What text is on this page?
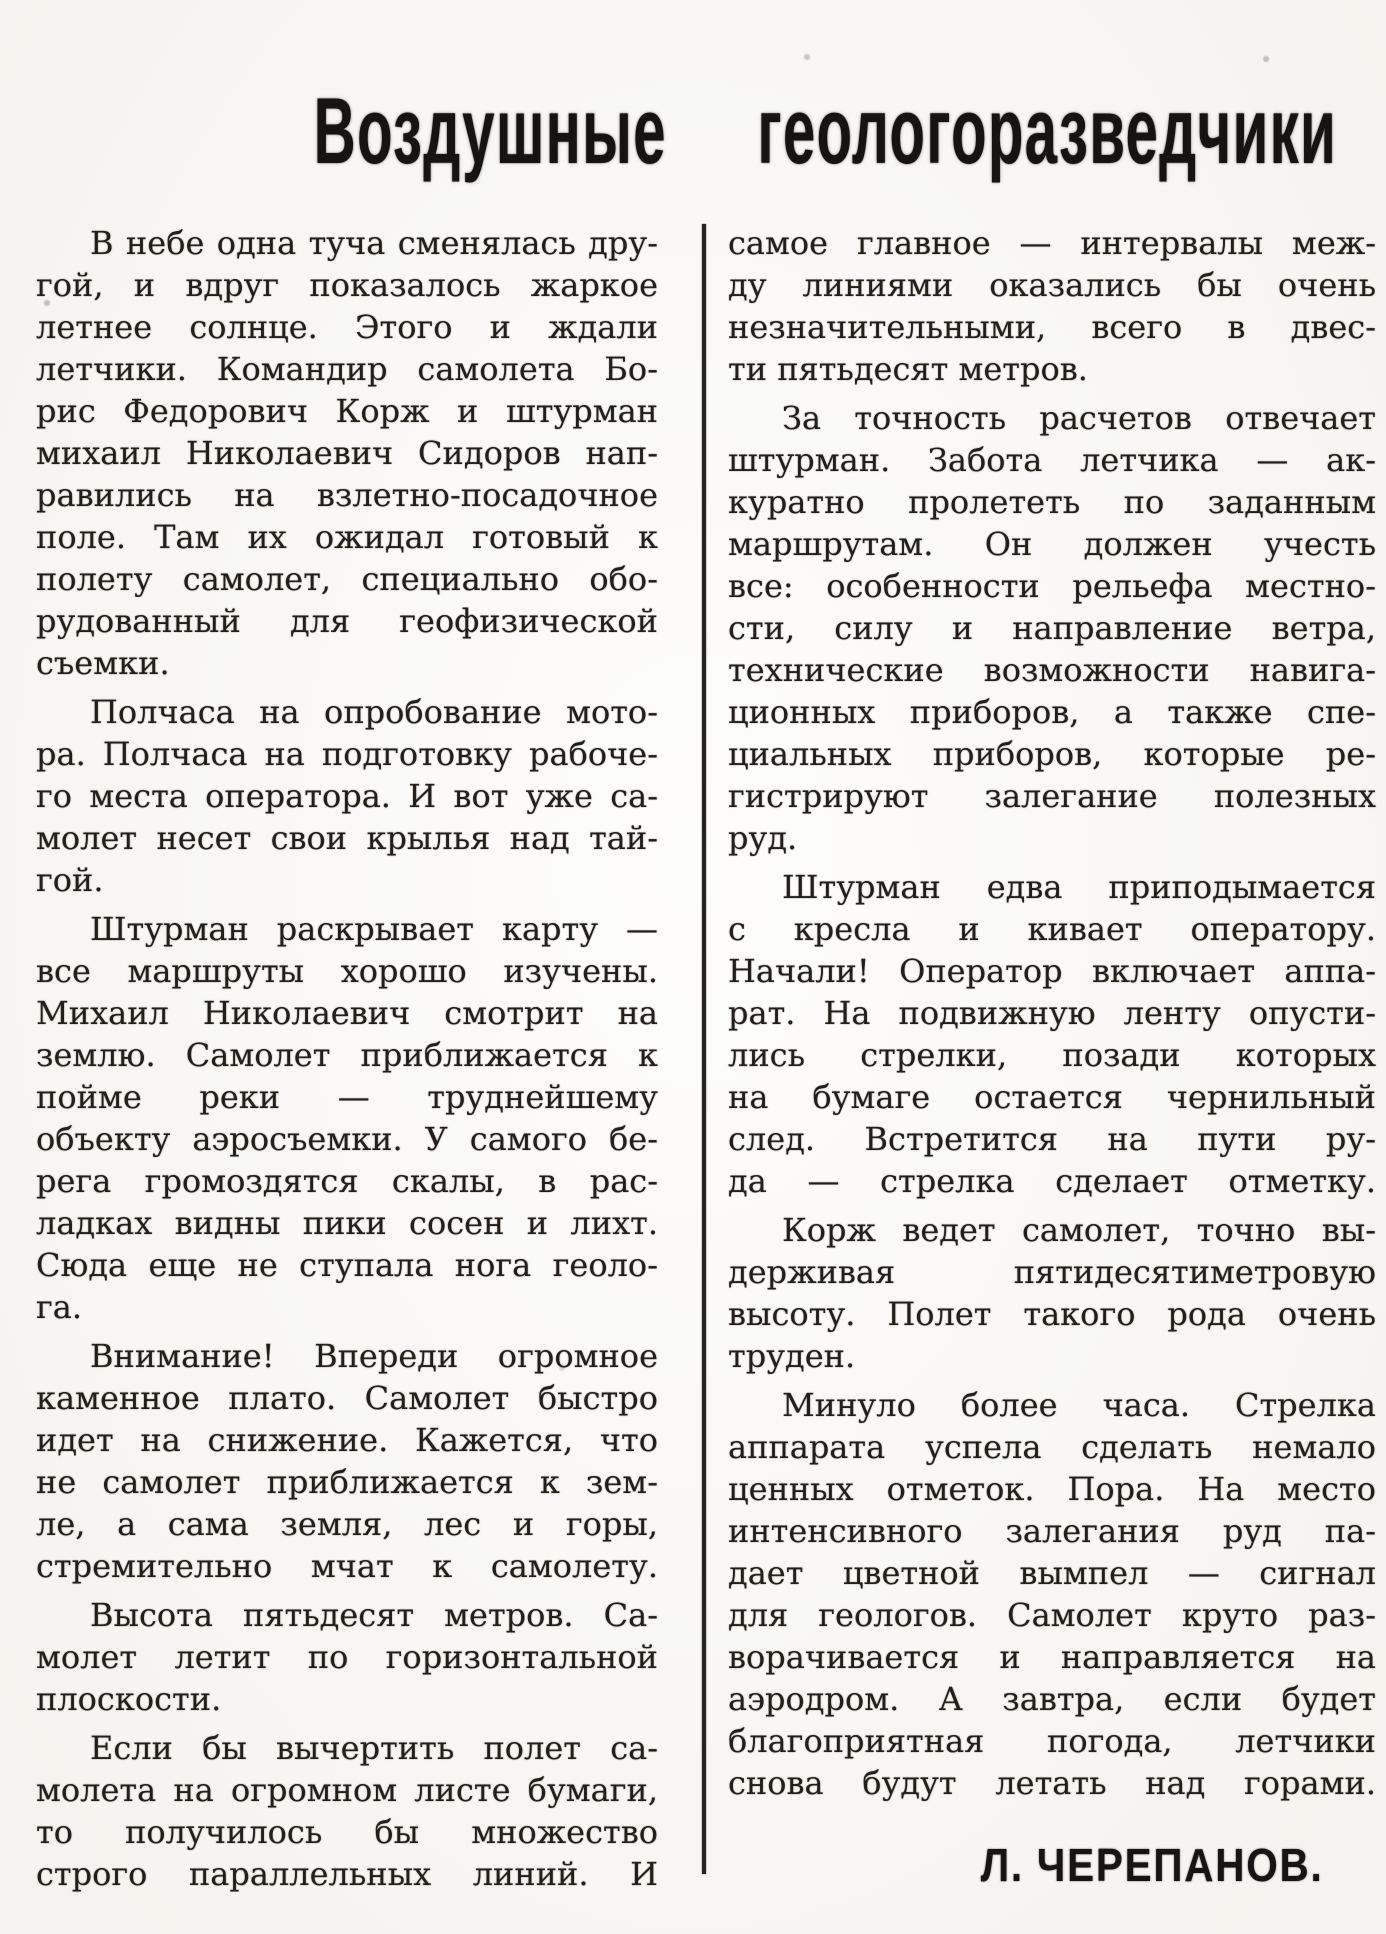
Воздушные геологоразведчики
В небе одна туча сменялась дру-
гой, и вдруг показалось жаркое
летнее солнце. Этого и ждали
летчики. Командир самолета Бо-
рис Федорович Корж и штурман
михаил Николаевич Сидоров нап-
равились на взлетно-посадочное
поле. Там их ожидал готовый к
полету самолет, специально обо-
рудованный для геофизической
съемки.
Полчаса на опробование мото-
ра. Полчаса на подготовку рабоче-
го места оператора. И вот уже са-
молет несет свои крылья над тай-
гой.
Штурман раскрывает карту —
все маршруты хорошо изучены.
Михаил Николаевич смотрит на
землю. Самолет приближается к
пойме реки — труднейшему
объекту аэросъемки. У самого бе-
рега громоздятся скалы, в рас-
ладках видны пики сосен и лихт.
Сюда еще не ступала нога геоло-
га.
Внимание! Впереди огромное
каменное плато. Самолет быстро
идет на снижение. Кажется, что
не самолет приближается к зем-
ле, а сама земля, лес и горы,
стремительно мчат к самолету.
Высота пятьдесят метров. Са-
молет летит по горизонтальной
плоскости.
Если бы вычертить полет са-
молета на огромном листе бумаги,
то получилось бы множество
строго параллельных линий. И
самое главное — интервалы меж-
ду линиями оказались бы очень
незначительными, всего в двес-
ти пятьдесят метров.
За точность расчетов отвечает
штурман. Забота летчика — ак-
куратно пролететь по заданным
маршрутам. Он должен учесть
все: особенности рельефа местно-
сти, силу и направление ветра,
технические возможности навига-
ционных приборов, а также спе-
циальных приборов, которые ре-
гистрируют залегание полезных
руд.
Штурман едва приподымается
с кресла и кивает оператору.
Начали! Оператор включает аппа-
рат. На подвижную ленту опусти-
лись стрелки, позади которых
на бумаге остается чернильный
след. Встретится на пути ру-
да — стрелка сделает отметку.
Корж ведет самолет, точно вы-
держивая пятидесятиметровую
высоту. Полет такого рода очень
труден.
Минуло более часа. Стрелка
аппарата успела сделать немало
ценных отметок. Пора. На место
интенсивного залегания руд па-
дает цветной вымпел — сигнал
для геологов. Самолет круто раз-
ворачивается и направляется на
аэродром. А завтра, если будет
благоприятная погода, летчики
снова будут летать над горами.
Л. ЧЕРЕПАНОВ.
